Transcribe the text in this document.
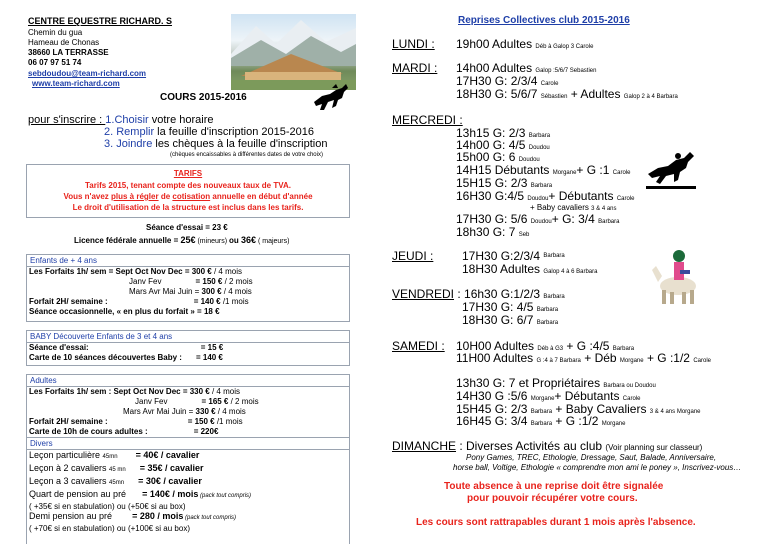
CENTRE EQUESTRE RICHARD. S
Chemin du gua
Hameau de Chonas
38660 LA TERRASSE
06 07 97 51 74
sebdoudou@team-richard.com
www.team-richard.com
COURS 2015-2016
pour s'inscrire : 1.Choisir votre horaire
2. Remplir la feuille d'inscription 2015-2016
3. Joindre les chèques à la feuille d'inscription
(chèques encaissables à différentes dates de votre choix)
TARIFS
Tarifs 2015, tenant compte des nouveaux taux de TVA.
Vous n'avez plus à régler de cotisation annuelle en début d'année
Le droit d'utilisation de la structure est inclus dans les tarifs.
Séance d'essai = 23 €
Licence fédérale annuelle = 25€ (mineurs) ou 36€ ( majeurs)
Enfants de + 4 ans
Les Forfaits 1h/ sem = Sept Oct Nov Dec = 300 € / 4 mois
Janv Fev	= 150 € / 2 mois
Mars Avr Mai Juin = 300 € / 4 mois
Forfait 2H/ semaine :	= 140 € /1 mois
Séance occasionnelle, « en plus du forfait » = 18 €
BABY Découverte Enfants de 3 et 4 ans
Séance d'essai:	= 15 €
Carte de 10 séances découvertes Baby : = 140 €
Adultes
Les Forfaits 1h/ sem : Sept Oct Nov Dec = 330 € / 4 mois
Janv Fev	= 165 € / 2 mois
Mars Avr Mai Juin = 330 € / 4 mois
Forfait 2H/ semaine :	= 150 € /1 mois
Carte de 10h de cours adultes :	= 220€
Divers
Leçon particulière 45mn = 40€ / cavalier
Leçon à 2 cavaliers 45 mn = 35€ / cavalier
Leçon a 3 cavaliers 45mn = 30€ / cavalier
Quart de pension au pré = 140€ / mois (pack tout compris)
( +35€ si en stabulation) ou (+50€ si au box)
Demi pension au pré = 280 / mois (pack tout compris)
( +70€ si en stabulation) ou (+100€ si au box)
Reprises Collectives club 2015-2016
LUNDI : 19h00 Adultes Déb à Galop 3 Carole
MARDI : 14h00 Adultes Galop :5/6/7 Sebastien
17H30 G: 2/3/4 Carole
18H30 G: 5/6/7 Sébastien + Adultes Galop 2 à 4 Barbara
MERCREDI :
13h15 G: 2/3 Barbara
14h00 G: 4/5 Doudou
15h00 G: 6 Doudou
14H15 Débutants Morgane+ G :1 Carole
15H15 G: 2/3 Barbara
16H30 G:4/5 Doudou+ Débutants Carole
+ Baby cavaliers 3 & 4 ans
17H30 G: 5/6 Doudou+ G: 3/4 Barbara
18h30 G: 7 Seb
JEUDI : 17H30 G:2/3/4 $^{Barbara}$
18H30 Adultes Galop 4 à 6 Barbara
VENDREDI : 16h30 G:1/2/3 Barbara
17H30 G: 4/5 Barbara
18H30 G: 6/7 Barbara
SAMEDI : 10H00 Adultes Déb à G3 + G :4/5 Barbara
11H00 Adultes G :4 à 7 Barbara + Déb Morgane + G :1/2 Carole
13h30 G: 7 et Propriétaires Barbara ou Doudou
14H30 G :5/6 Morgane+ Débutants Carole
15H45 G: 2/3 Barbara + Baby Cavaliers 3 & 4 ans Morgane
16H45 G: 3/4 Barbara + G :1/2 Morgane
DIMANCHE : Diverses Activités au club (Voir planning sur classeur)
Pony Games, TREC, Ethologie, Dressage, Saut, Balade, Anniversaire,
horse ball, Voltige, Ethologie « comprendre mon ami le poney », Inscrivez-vous…
Toute absence à une reprise doit être signalée
pour pouvoir récupérer votre cours.
Les cours sont rattrapables durant 1 mois après l'absence.
